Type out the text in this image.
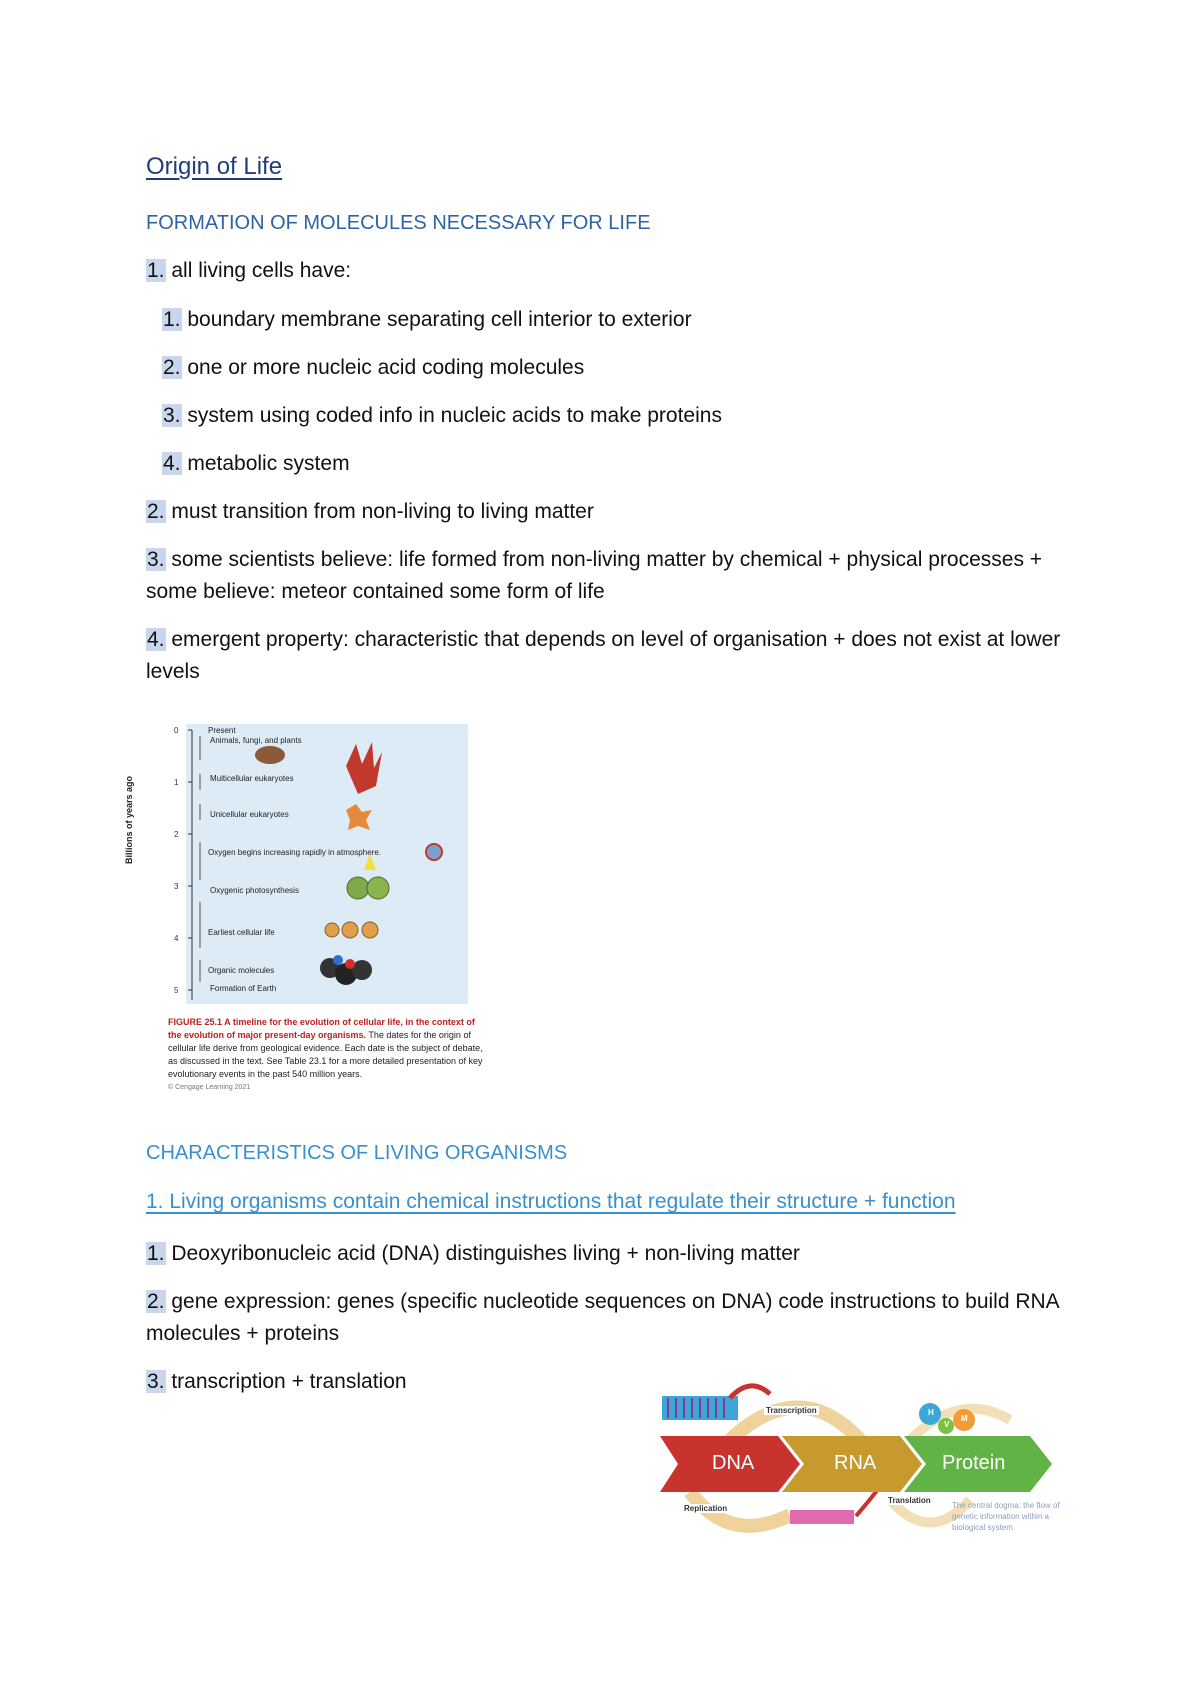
Origin of Life
FORMATION OF MOLECULES NECESSARY FOR LIFE
1. all living cells have:
1. boundary membrane separating cell interior to exterior
2. one or more nucleic acid coding molecules
3. system using coded info in nucleic acids to make proteins
4. metabolic system
2. must transition from non-living to living matter
3. some scientists believe: life formed from non-living matter by chemical + physical processes + some believe: meteor contained some form of life
4. emergent property: characteristic that depends on level of organisation + does not exist at lower levels
Billions of years ago
Present
Animals, fungi, and plants
Multicellular eukaryotes
Unicellular eukaryotes
Oxygen begins increasing rapidly in atmosphere.
Oxygenic photosynthesis
Earliest cellular life
Organic molecules
Formation of Earth
0
1
2
3
4
5
FIGURE 25.1 A timeline for the evolution of cellular life, in the context of the evolution of major present-day organisms. The dates for the origin of cellular life derive from geological evidence. Each date is the subject of debate, as discussed in the text. See Table 23.1 for a more detailed presentation of key evolutionary events in the past 540 million years.
© Cengage Learning 2021
CHARACTERISTICS OF LIVING ORGANISMS
1. Living organisms contain chemical instructions that regulate their structure + function
1. Deoxyribonucleic acid (DNA) distinguishes living + non-living matter
2. gene expression: genes (specific nucleotide sequences on DNA) code instructions to build RNA molecules + proteins
3. transcription + translation
DNA	RNA	Protein
Transcription
Translation
Replication
H
V
M
The central dogma: the flow of genetic information within a biological system.
